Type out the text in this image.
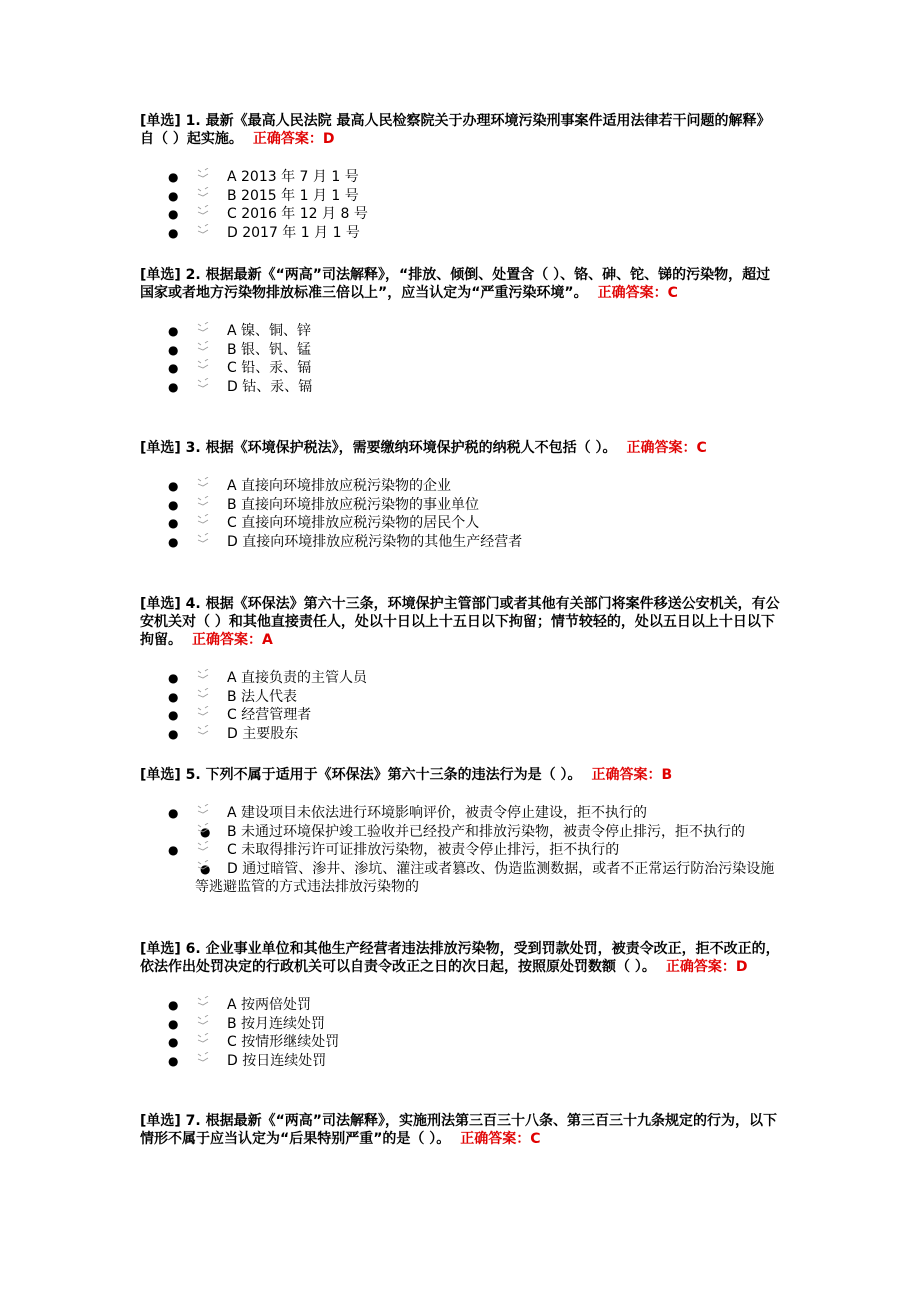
[单选] 1. 最新《最高人民法院 最高人民检察院关于办理环境污染刑事案件适用法律若干问题的解释》自（ ）起实施。 正确答案：D

●	A 2013 年 7 月 1 号
●	B 2015 年 1 月 1 号
●	C 2016 年 12 月 8 号
●	D 2017 年 1 月 1 号

[单选] 2. 根据最新《“两高”司法解释》，“排放、倾倒、处置含（ ）、铬、砷、铊、锑的污染物，超过国家或者地方污染物排放标准三倍以上”，应当认定为“严重污染环境”。 正确答案：C

●	A 镍、铜、锌
●	B 银、钒、锰
●	C 铅、汞、镉
●	D 钴、汞、镉

[单选] 3. 根据《环境保护税法》，需要缴纳环境保护税的纳税人不包括（ ）。 正确答案：C

●	A 直接向环境排放应税污染物的企业
●	B 直接向环境排放应税污染物的事业单位
●	C 直接向环境排放应税污染物的居民个人
●	D 直接向环境排放应税污染物的其他生产经营者

[单选] 4. 根据《环保法》第六十三条，环境保护主管部门或者其他有关部门将案件移送公安机关，有公安机关对（ ）和其他直接责任人，处以十日以上十五日以下拘留；情节较轻的，处以五日以上十日以下拘留。 正确答案：A

●	A 直接负责的主管人员
●	B 法人代表
●	C 经营管理者
●	D 主要股东

[单选] 5. 下列不属于适用于《环保法》第六十三条的违法行为是（ ）。 正确答案：B

●	A 建设项目未依法进行环境影响评价，被责令停止建设，拒不执行的
● B 未通过环境保护竣工验收并已经投产和排放污染物，被责令停止排污，拒不执行的
●	C 未取得排污许可证排放污染物，被责令停止排污，拒不执行的
● D 通过暗管、渗井、渗坑、灌注或者篡改、伪造监测数据，或者不正常运行防治污染设施等逃避监管的方式违法排放污染物的

[单选] 6. 企业事业单位和其他生产经营者违法排放污染物，受到罚款处罚，被责令改正，拒不改正的，依法作出处罚决定的行政机关可以自责令改正之日的次日起，按照原处罚数额（ ）。 正确答案：D

●	A 按两倍处罚
●	B 按月连续处罚
●	C 按情形继续处罚
●	D 按日连续处罚

[单选] 7. 根据最新《“两高”司法解释》，实施刑法第三百三十八条、第三百三十九条规定的行为，以下情形不属于应当认定为“后果特别严重”的是（ ）。 正确答案：C
